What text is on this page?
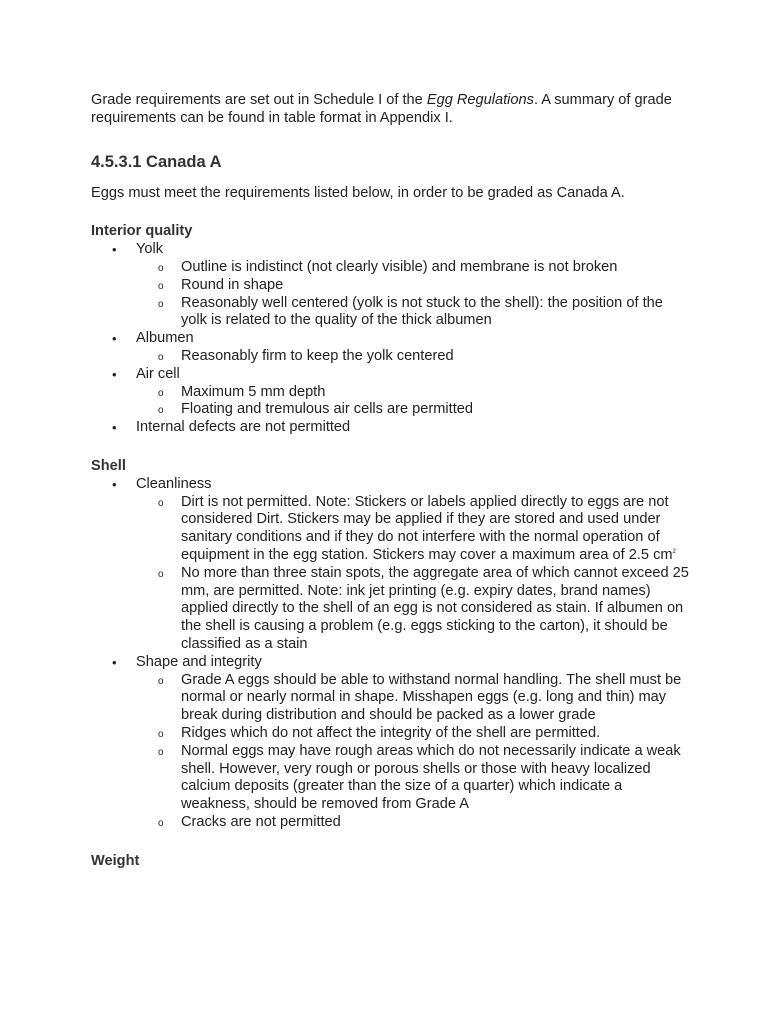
Grade requirements are set out in Schedule I of the Egg Regulations. A summary of grade requirements can be found in table format in Appendix I.

4.5.3.1 Canada A

Eggs must meet the requirements listed below, in order to be graded as Canada A.

Interior quality
• Yolk
o Outline is indistinct (not clearly visible) and membrane is not broken
o Round in shape
o Reasonably well centered (yolk is not stuck to the shell): the position of the yolk is related to the quality of the thick albumen
• Albumen
o Reasonably firm to keep the yolk centered
• Air cell
o Maximum 5 mm depth
o Floating and tremulous air cells are permitted
• Internal defects are not permitted
Shell
• Cleanliness
o Dirt is not permitted. Note: Stickers or labels applied directly to eggs are not considered Dirt. Stickers may be applied if they are stored and used under sanitary conditions and if they do not interfere with the normal operation of equipment in the egg station. Stickers may cover a maximum area of 2.5 $cm^2$
o No more than three stain spots, the aggregate area of which cannot exceed 25 mm, are permitted. Note: ink jet printing (e.g. expiry dates, brand names) applied directly to the shell of an egg is not considered as stain. If albumen on the shell is causing a problem (e.g. eggs sticking to the carton), it should be classified as a stain
• Shape and integrity
o Grade A eggs should be able to withstand normal handling. The shell must be normal or nearly normal in shape. Misshapen eggs (e.g. long and thin) may break during distribution and should be packed as a lower grade
o Ridges which do not affect the integrity of the shell are permitted.
o Normal eggs may have rough areas which do not necessarily indicate a weak shell. However, very rough or porous shells or those with heavy localized calcium deposits (greater than the size of a quarter) which indicate a weakness, should be removed from Grade A
o Cracks are not permitted
Weight
